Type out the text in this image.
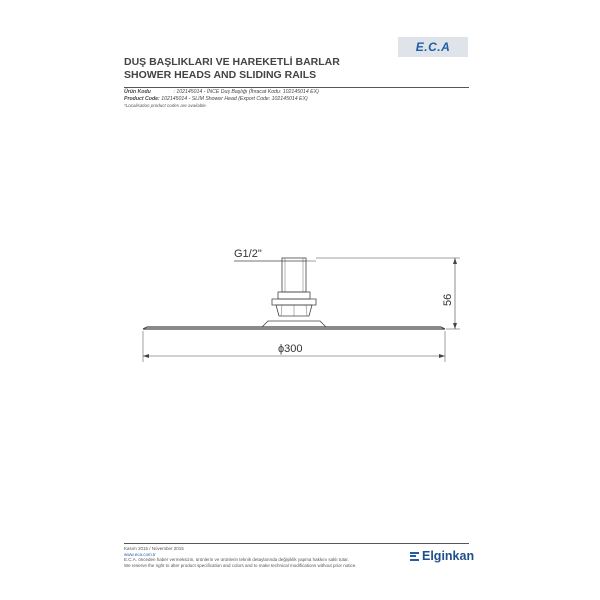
DUŞ BAŞLIKLARI VE HAREKETLİ BARLAR
SHOWER HEADS AND SLIDING RAILS
E.C.A
Ürün Kodu	: 102145014 - İNCE Duş Başlığı (İhracat Kodu: 102145014 EX)
Product Code: 102145014 - SLIM Shower Head (Export Code: 102145014 EX)
*Localisation product codes are available.
G1/2"
56
ϕ300
Kasım 2015 / November 2015
www.eca.com.tr
E.C.A. önceden haber vermeksizin, ürünlerin ve ürünlerin teknik detaylarında değişiklik yapma hakkını saklı tutar.
We reserve the right to alter product specification and colors and to make technical modifications without prior notice.
Elginkan
